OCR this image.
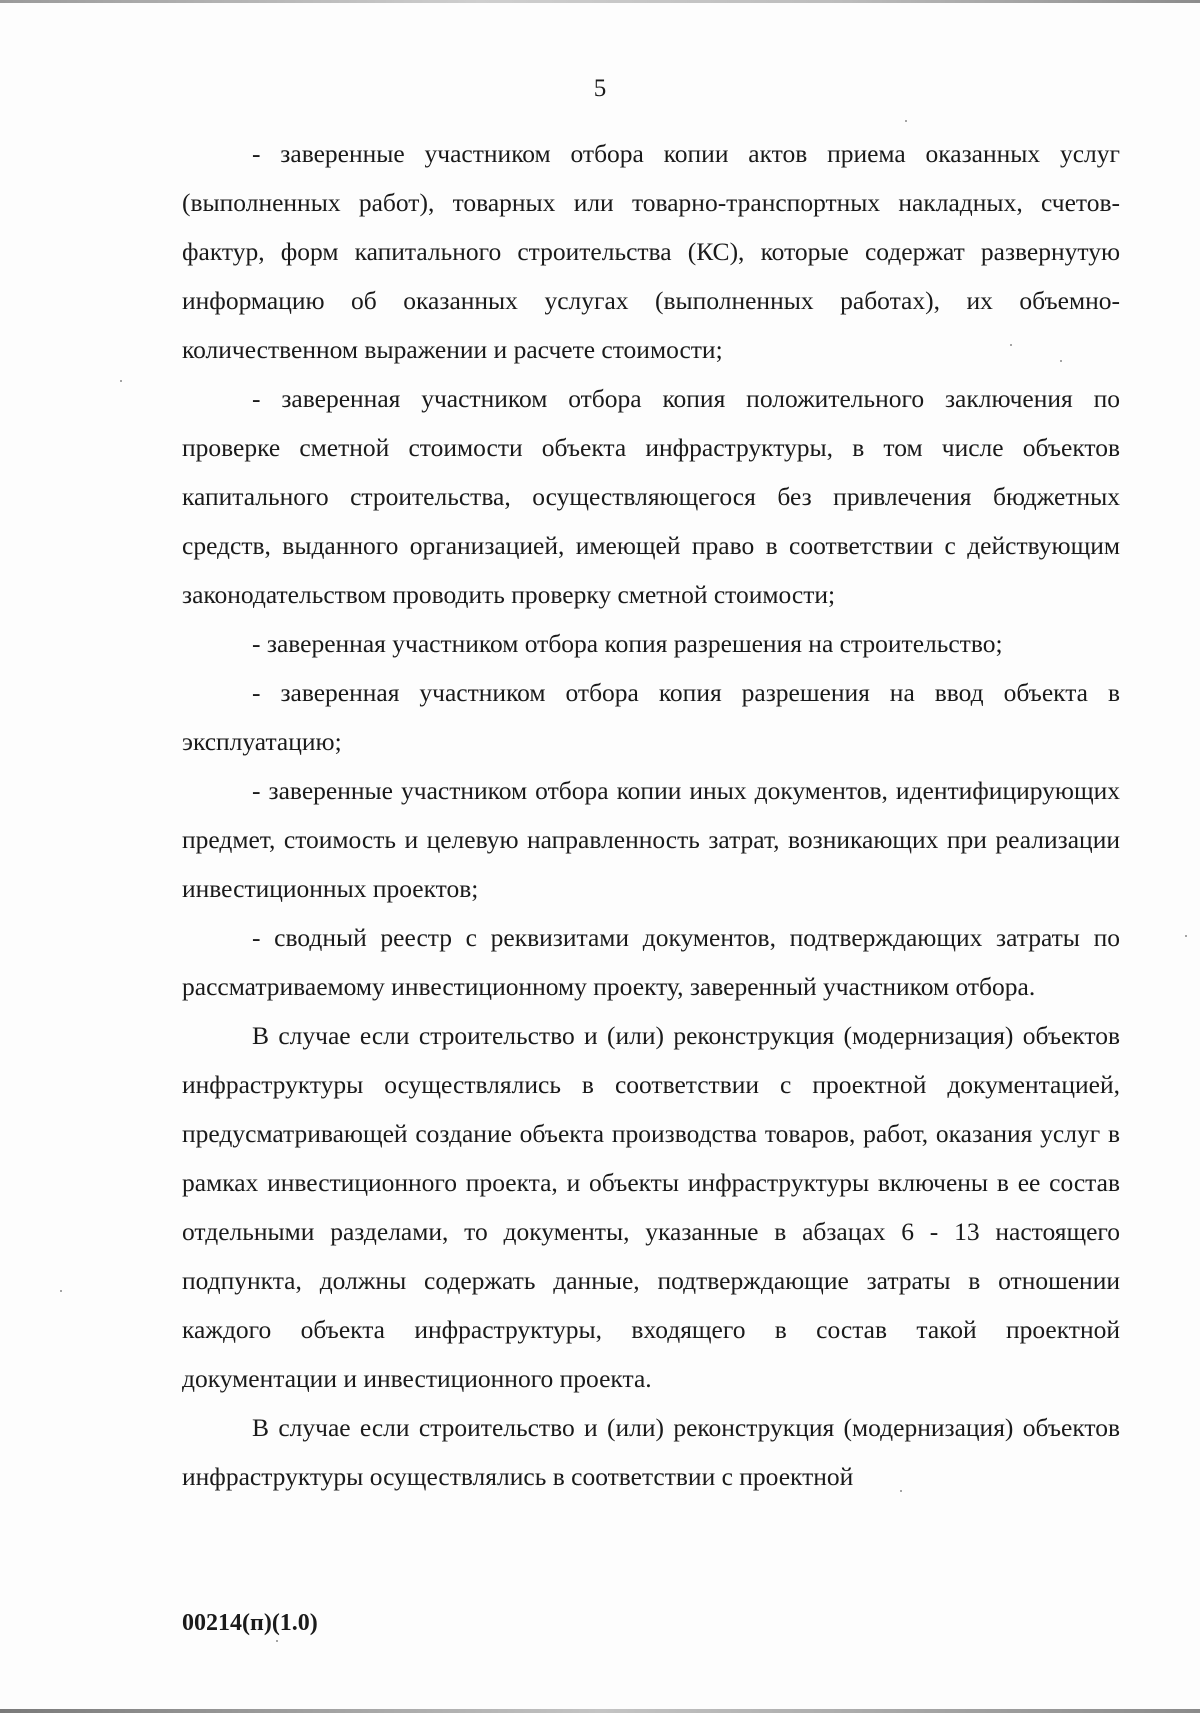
5

- заверенные участником отбора копии актов приема оказанных услуг (выполненных работ), товарных или товарно-транспортных накладных, счетов-фактур, форм капитального строительства (КС), которые содержат развернутую информацию об оказанных услугах (выполненных работах), их объемно-количественном выражении и расчете стоимости;

- заверенная участником отбора копия положительного заключения по проверке сметной стоимости объекта инфраструктуры, в том числе объектов капитального строительства, осуществляющегося без привлечения бюджетных средств, выданного организацией, имеющей право в соответствии с действующим законодательством проводить проверку сметной стоимости;

- заверенная участником отбора копия разрешения на строительство;

- заверенная участником отбора копия разрешения на ввод объекта в эксплуатацию;

- заверенные участником отбора копии иных документов, идентифицирующих предмет, стоимость и целевую направленность затрат, возникающих при реализации инвестиционных проектов;

- сводный реестр с реквизитами документов, подтверждающих затраты по рассматриваемому инвестиционному проекту, заверенный участником отбора.

В случае если строительство и (или) реконструкция (модернизация) объектов инфраструктуры осуществлялись в соответствии с проектной документацией, предусматривающей создание объекта производства товаров, работ, оказания услуг в рамках инвестиционного проекта, и объекты инфраструктуры включены в ее состав отдельными разделами, то документы, указанные в абзацах 6 - 13 настоящего подпункта, должны содержать данные, подтверждающие затраты в отношении каждого объекта инфраструктуры, входящего в состав такой проектной документации и инвестиционного проекта.

В случае если строительство и (или) реконструкция (модернизация) объектов инфраструктуры осуществлялись в соответствии с проектной

00214(п)(1.0)
